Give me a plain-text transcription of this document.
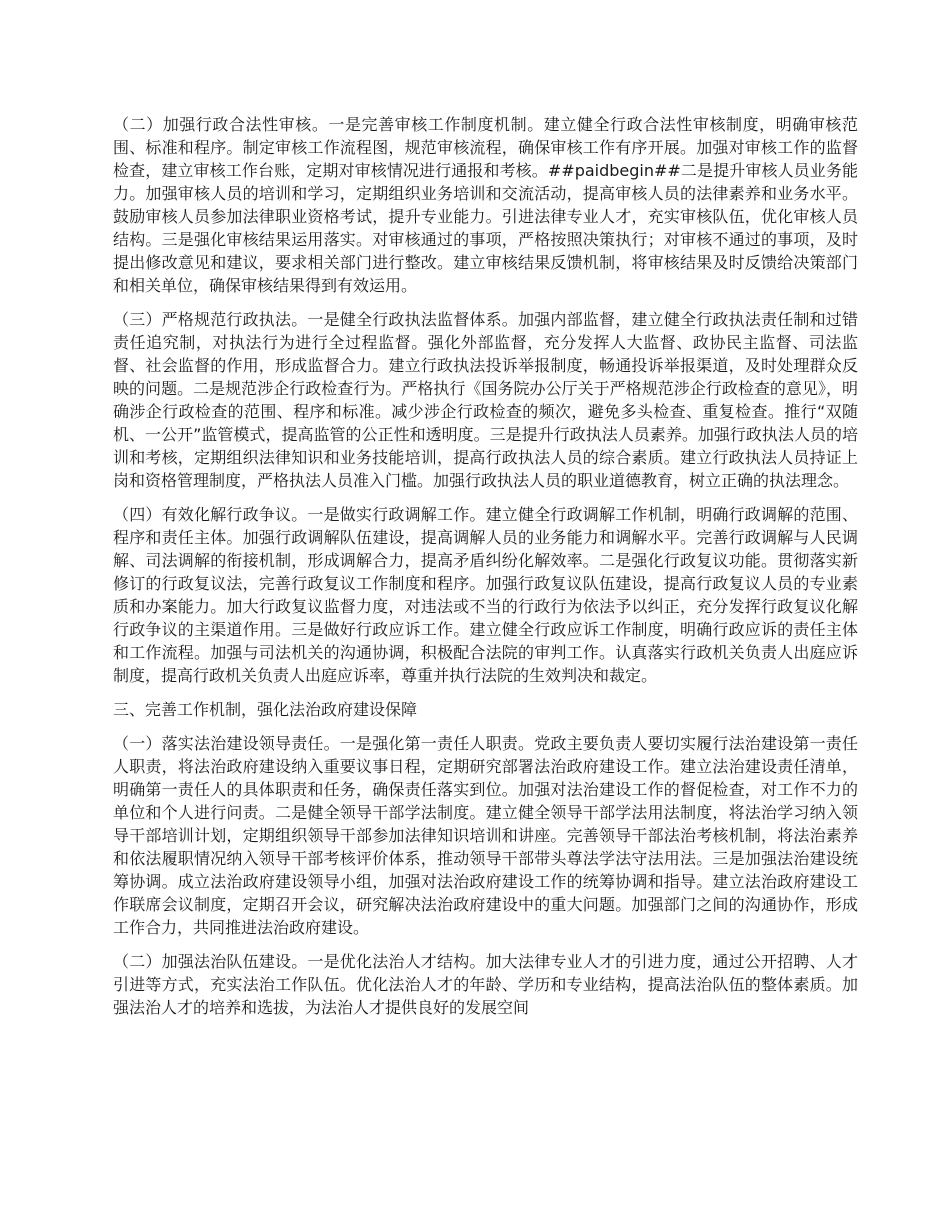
（二）加强行政合法性审核。一是完善审核工作制度机制。建立健全行政合法性审核制度，明确审核范围、标准和程序。制定审核工作流程图，规范审核流程，确保审核工作有序开展。加强对审核工作的监督检查，建立审核工作台账，定期对审核情况进行通报和考核。##paidbegin##二是提升审核人员业务能力。加强审核人员的培训和学习，定期组织业务培训和交流活动，提高审核人员的法律素养和业务水平。鼓励审核人员参加法律职业资格考试，提升专业能力。引进法律专业人才，充实审核队伍，优化审核人员结构。三是强化审核结果运用落实。对审核通过的事项，严格按照决策执行；对审核不通过的事项，及时提出修改意见和建议，要求相关部门进行整改。建立审核结果反馈机制，将审核结果及时反馈给决策部门和相关单位，确保审核结果得到有效运用。

（三）严格规范行政执法。一是健全行政执法监督体系。加强内部监督，建立健全行政执法责任制和过错责任追究制，对执法行为进行全过程监督。强化外部监督，充分发挥人大监督、政协民主监督、司法监督、社会监督的作用，形成监督合力。建立行政执法投诉举报制度，畅通投诉举报渠道，及时处理群众反映的问题。二是规范涉企行政检查行为。严格执行《国务院办公厅关于严格规范涉企行政检查的意见》，明确涉企行政检查的范围、程序和标准。减少涉企行政检查的频次，避免多头检查、重复检查。推行“双随机、一公开”监管模式，提高监管的公正性和透明度。三是提升行政执法人员素养。加强行政执法人员的培训和考核，定期组织法律知识和业务技能培训，提高行政执法人员的综合素质。建立行政执法人员持证上岗和资格管理制度，严格执法人员准入门槛。加强行政执法人员的职业道德教育，树立正确的执法理念。

（四）有效化解行政争议。一是做实行政调解工作。建立健全行政调解工作机制，明确行政调解的范围、程序和责任主体。加强行政调解队伍建设，提高调解人员的业务能力和调解水平。完善行政调解与人民调解、司法调解的衔接机制，形成调解合力，提高矛盾纠纷化解效率。二是强化行政复议功能。贯彻落实新修订的行政复议法，完善行政复议工作制度和程序。加强行政复议队伍建设，提高行政复议人员的专业素质和办案能力。加大行政复议监督力度，对违法或不当的行政行为依法予以纠正，充分发挥行政复议化解行政争议的主渠道作用。三是做好行政应诉工作。建立健全行政应诉工作制度，明确行政应诉的责任主体和工作流程。加强与司法机关的沟通协调，积极配合法院的审判工作。认真落实行政机关负责人出庭应诉制度，提高行政机关负责人出庭应诉率，尊重并执行法院的生效判决和裁定。

三、完善工作机制，强化法治政府建设保障

（一）落实法治建设领导责任。一是强化第一责任人职责。党政主要负责人要切实履行法治建设第一责任人职责，将法治政府建设纳入重要议事日程，定期研究部署法治政府建设工作。建立法治建设责任清单，明确第一责任人的具体职责和任务，确保责任落实到位。加强对法治建设工作的督促检查，对工作不力的单位和个人进行问责。二是健全领导干部学法制度。建立健全领导干部学法用法制度，将法治学习纳入领导干部培训计划，定期组织领导干部参加法律知识培训和讲座。完善领导干部法治考核机制，将法治素养和依法履职情况纳入领导干部考核评价体系，推动领导干部带头尊法学法守法用法。三是加强法治建设统筹协调。成立法治政府建设领导小组，加强对法治政府建设工作的统筹协调和指导。建立法治政府建设工作联席会议制度，定期召开会议，研究解决法治政府建设中的重大问题。加强部门之间的沟通协作，形成工作合力，共同推进法治政府建设。

（二）加强法治队伍建设。一是优化法治人才结构。加大法律专业人才的引进力度，通过公开招聘、人才引进等方式，充实法治工作队伍。优化法治人才的年龄、学历和专业结构，提高法治队伍的整体素质。加强法治人才的培养和选拔，为法治人才提供良好的发展空间
